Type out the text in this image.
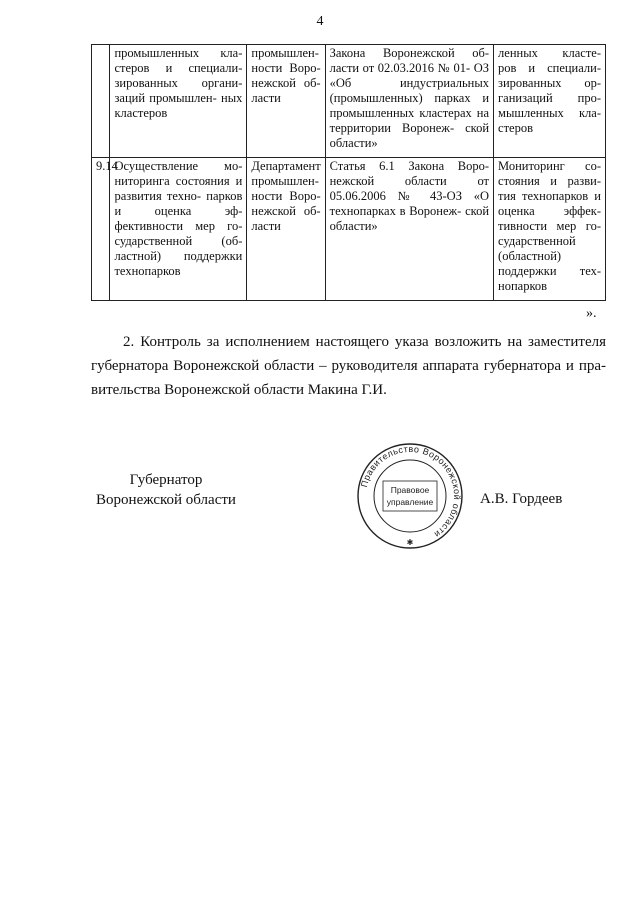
4
	промышленных кла- стеров и специали- зированных органи- заций промышлен- ных кластеров	промышлен- ности Воро- нежской об- ласти	Закона Воронежской об- ласти от 02.03.2016 № 01- ОЗ «Об индустриальных (промышленных) парках и промышленных кластерах на территории Воронеж- ской области»	ленных класте- ров и специали- зированных ор- ганизаций про- мышленных кла- стеров
9.14	Осуществление мо- ниторинга состояния и развития техно- парков и оценка эф- фективности мер го- сударственной (об- ластной) поддержки технопарков	Департамент промышлен- ности Воро- нежской об- ласти	Статья 6.1 Закона Воро- нежской области от 05.06.2006 № 43-ОЗ «О технопарках в Воронеж- ской области»	Мониторинг со- стояния и разви- тия технопарков и оценка эффек- тивности мер го- сударственной (областной) поддержки тех- нопарков
».
2. Контроль за исполнением настоящего указа возложить на заместителя губернатора Воронежской области – руководителя аппарата губернатора и пра- вительства Воронежской области Макина Г.И.
Губернатор
Воронежской области
Правительство Воронежской области
Правовое
управление
✱
А.В. Гордеев
